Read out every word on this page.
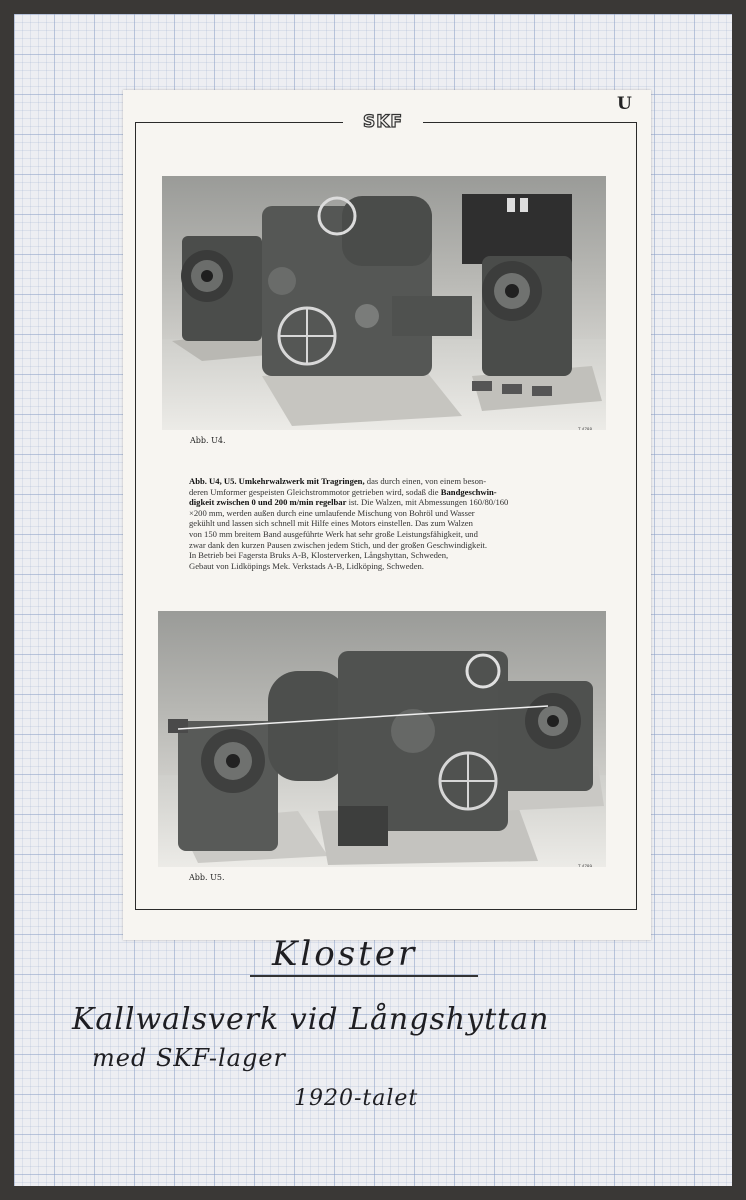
SKF
U
T 4788
Abb. U4.
Abb. U4, U5. Umkehrwalzwerk mit Tragringen, das durch einen, von einem beson-
deren Umformer gespeisten Gleichstrommotor getrieben wird, sodaß die Bandgeschwin-
digkeit zwischen 0 und 200 m/min regelbar ist. Die Walzen, mit Abmessungen 160/80/160
×200 mm, werden außen durch eine umlaufende Mischung von Bohröl und Wasser
gekühlt und lassen sich schnell mit Hilfe eines Motors einstellen. Das zum Walzen
von 150 mm breitem Band ausgeführte Werk hat sehr große Leistungsfähigkeit, und
zwar dank den kurzen Pausen zwischen jedem Stich, und der großen Geschwindigkeit.
In Betrieb bei Fagersta Bruks A-B, Klosterverken, Långshyttan, Schweden,
Gebaut von Lidköpings Mek. Verkstads A-B, Lidköping, Schweden.
T 4789
Abb. U5.
Kloster
Kallwalsverk vid Långshyttan
med SKF-lager
1920-talet
